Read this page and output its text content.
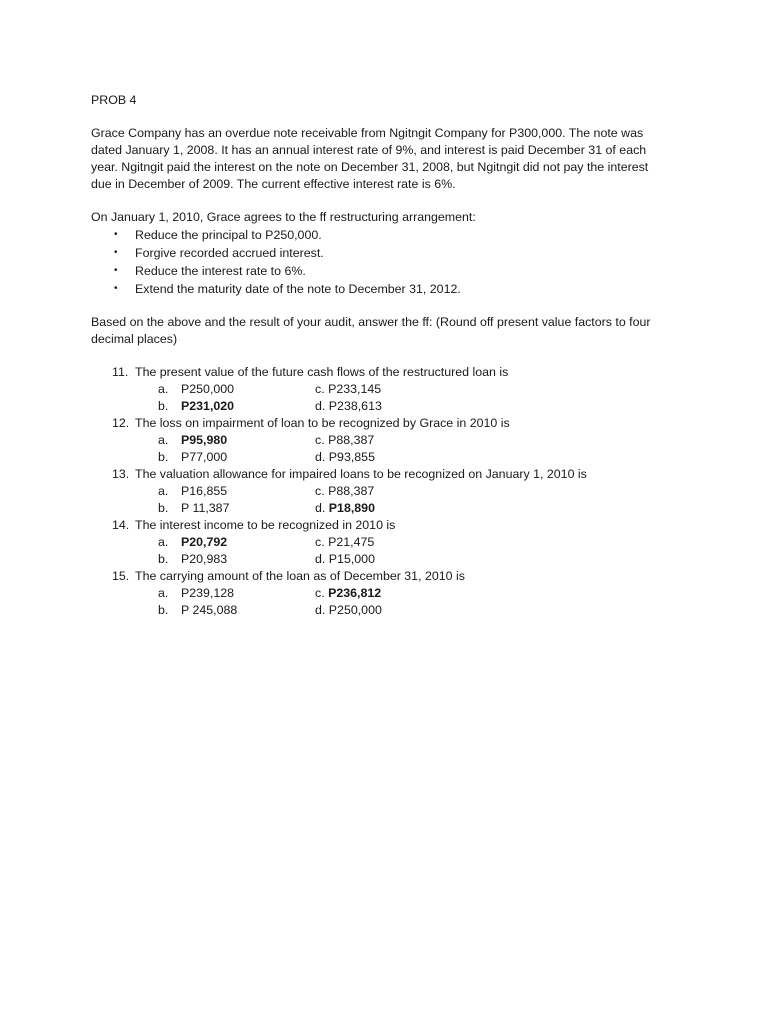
PROB 4
Grace Company has an overdue note receivable from Ngitngit Company for P300,000. The note was
dated January 1, 2008. It has an annual interest rate of 9%, and interest is paid December 31 of each
year. Ngitngit paid the interest on the note on December 31, 2008, but Ngitngit did not pay the interest
due in December of 2009. The current effective interest rate is 6%.
On January 1, 2010, Grace agrees to the ff restructuring arrangement:
• Reduce the principal to P250,000.
• Forgive recorded accrued interest.
• Reduce the interest rate to 6%.
• Extend the maturity date of the note to December 31, 2012.
Based on the above and the result of your audit, answer the ff: (Round off present value factors to four
decimal places)
11. The present value of the future cash flows of the restructured loan is
a. P250,000	c. P233,145
b. P231,020	d. P238,613
12. The loss on impairment of loan to be recognized by Grace in 2010 is
a. P95,980	c. P88,387
b. P77,000	d. P93,855
13. The valuation allowance for impaired loans to be recognized on January 1, 2010 is
a. P16,855	c. P88,387
b. P 11,387	d. P18,890
14. The interest income to be recognized in 2010 is
a. P20,792	c. P21,475
b. P20,983	d. P15,000
15. The carrying amount of the loan as of December 31, 2010 is
a. P239,128	c. P236,812
b. P 245,088	d. P250,000
